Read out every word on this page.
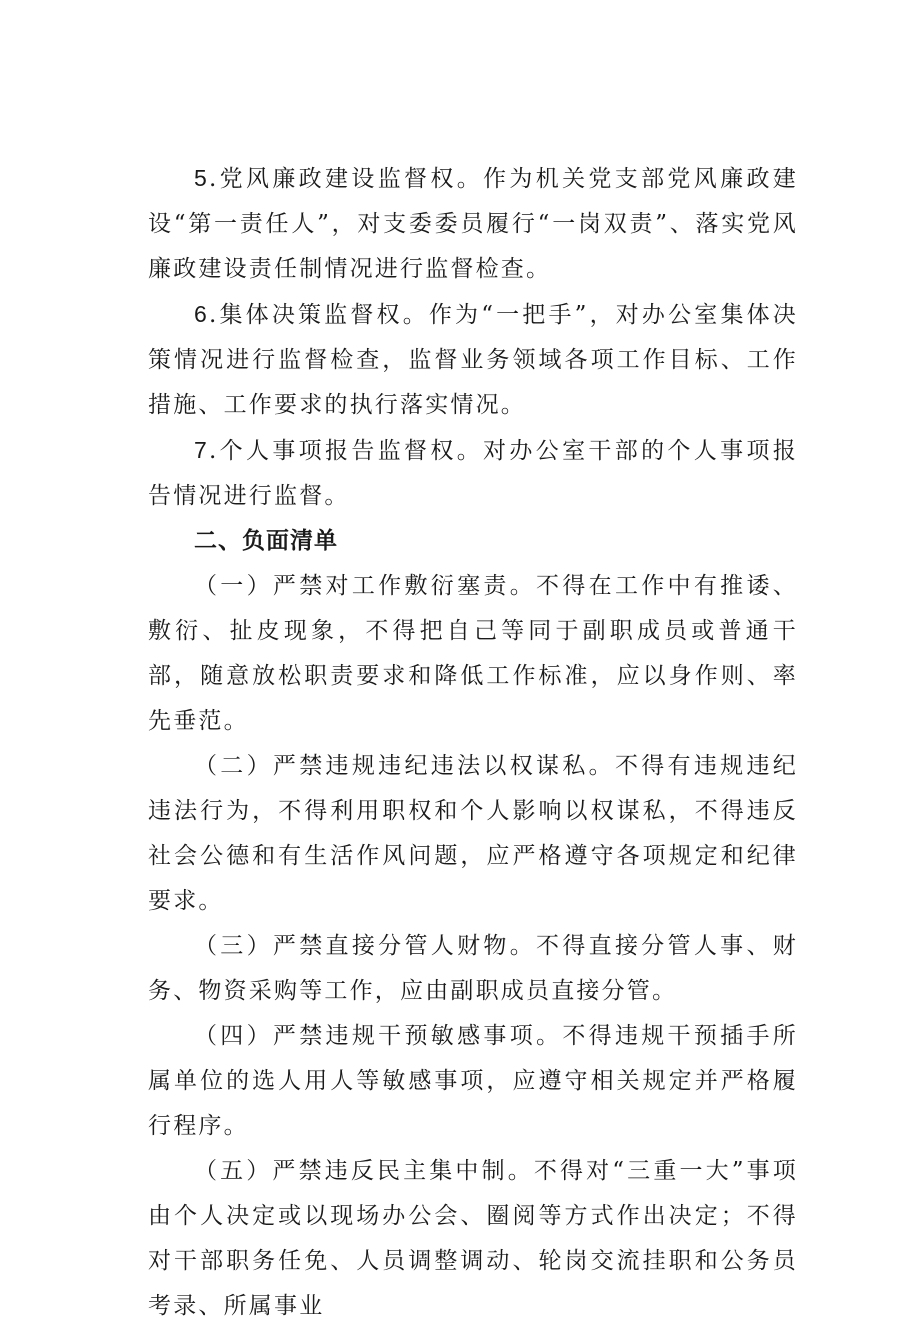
5.党风廉政建设监督权。作为机关党支部党风廉政建设“第一责任人”，对支委委员履行“一岗双责”、落实党风廉政建设责任制情况进行监督检查。

6.集体决策监督权。作为“一把手”，对办公室集体决策情况进行监督检查，监督业务领域各项工作目标、工作措施、工作要求的执行落实情况。

7.个人事项报告监督权。对办公室干部的个人事项报告情况进行监督。

二、负面清单

（一）严禁对工作敷衍塞责。不得在工作中有推诿、敷衍、扯皮现象，不得把自己等同于副职成员或普通干部，随意放松职责要求和降低工作标准，应以身作则、率先垂范。

（二）严禁违规违纪违法以权谋私。不得有违规违纪违法行为，不得利用职权和个人影响以权谋私，不得违反社会公德和有生活作风问题，应严格遵守各项规定和纪律要求。

（三）严禁直接分管人财物。不得直接分管人事、财务、物资采购等工作，应由副职成员直接分管。

（四）严禁违规干预敏感事项。不得违规干预插手所属单位的选人用人等敏感事项，应遵守相关规定并严格履行程序。

（五）严禁违反民主集中制。不得对“三重一大”事项由个人决定或以现场办公会、圈阅等方式作出决定；不得对干部职务任免、人员调整调动、轮岗交流挂职和公务员考录、所属事业
